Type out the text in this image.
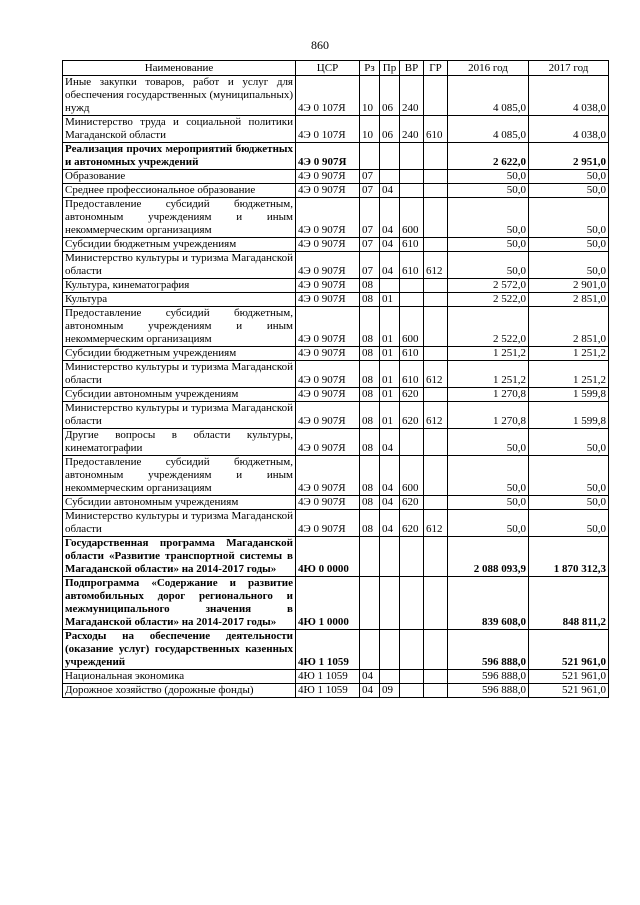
860
Наименование	ЦСР	Рз	Пр	ВР	ГР	2016 год	2017 год
Иные закупки товаров, работ и услуг для обеспечения государственных (муниципальных) нужд	4Э 0 107Я	10	06	240		4 085,0	4 038,0
Министерство труда и социальной политики Магаданской области	4Э 0 107Я	10	06	240	610	4 085,0	4 038,0
Реализация прочих мероприятий бюджетных и автономных учреждений	4Э 0 907Я					2 622,0	2 951,0
Образование	4Э 0 907Я	07				50,0	50,0
Среднее профессиональное образование	4Э 0 907Я	07	04			50,0	50,0
Предоставление субсидий бюджетным, автономным учреждениям и иным некоммерческим организациям	4Э 0 907Я	07	04	600		50,0	50,0
Субсидии бюджетным учреждениям	4Э 0 907Я	07	04	610		50,0	50,0
Министерство культуры и туризма Магаданской области	4Э 0 907Я	07	04	610	612	50,0	50,0
Культура, кинематография	4Э 0 907Я	08				2 572,0	2 901,0
Культура	4Э 0 907Я	08	01			2 522,0	2 851,0
Предоставление субсидий бюджетным, автономным учреждениям и иным некоммерческим организациям	4Э 0 907Я	08	01	600		2 522,0	2 851,0
Субсидии бюджетным учреждениям	4Э 0 907Я	08	01	610		1 251,2	1 251,2
Министерство культуры и туризма Магаданской области	4Э 0 907Я	08	01	610	612	1 251,2	1 251,2
Субсидии автономным учреждениям	4Э 0 907Я	08	01	620		1 270,8	1 599,8
Министерство культуры и туризма Магаданской области	4Э 0 907Я	08	01	620	612	1 270,8	1 599,8
Другие вопросы в области культуры, кинематографии	4Э 0 907Я	08	04			50,0	50,0
Предоставление субсидий бюджетным, автономным учреждениям и иным некоммерческим организациям	4Э 0 907Я	08	04	600		50,0	50,0
Субсидии автономным учреждениям	4Э 0 907Я	08	04	620		50,0	50,0
Министерство культуры и туризма Магаданской области	4Э 0 907Я	08	04	620	612	50,0	50,0
Государственная программа Магаданской области «Развитие транспортной системы в Магаданской области» на 2014-2017 годы»	4Ю 0 0000					2 088 093,9	1 870 312,3
Подпрограмма «Содержание и развитие автомобильных дорог регионального и межмуниципального значения в Магаданской области» на 2014-2017 годы»	4Ю 1 0000					839 608,0	848 811,2
Расходы на обеспечение деятельности (оказание услуг) государственных казенных учреждений	4Ю 1 1059					596 888,0	521 961,0
Национальная экономика	4Ю 1 1059	04				596 888,0	521 961,0
Дорожное хозяйство (дорожные фонды)	4Ю 1 1059	04	09			596 888,0	521 961,0
